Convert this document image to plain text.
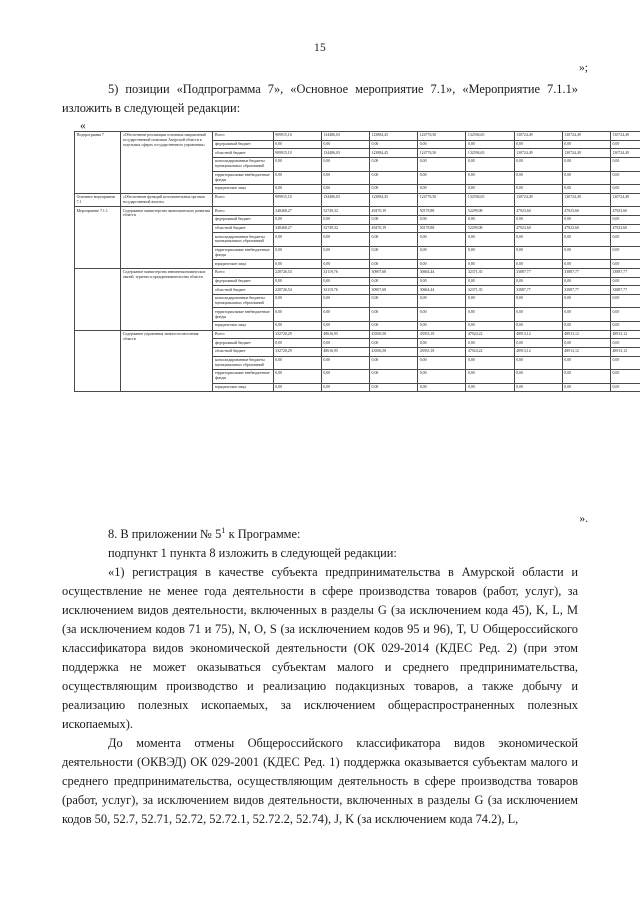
15
»;

5) позиции «Подпрограмма 7», «Основное мероприятие 7.1», «Мероприятие 7.1.1» изложить в следующей редакции:

«
Подпрограмма 7	«Обеспечение реализации основных направлений государственной политики Амурской области в отдельных сферах государственного управления»	Всего	909915,10	134486,03	123884,45	124776,50	132594,65	130724,49	130724,49	130724,49
		федеральный бюджет	0,00	0,00	0,00	0,00	0,00	0,00	0,00	0,00
		областной бюджет	909915,10	134486,03	123884,45	124776,50	132594,65	130724,49	130724,49	130724,49
		консолидированные бюджеты муниципальных образований	0,00	0,00	0,00	0,00	0,00	0,00	0,00	0,00
		территориальные внебюджетные фонды	0,00	0,00	0,00	0,00	0,00	0,00	0,00	0,00
		юридические лица	0,00	0,00	0,00	0,00	0,00	0,00	0,00	0,00
Основное мероприятие 7.1	«Обеспечение функций исполнительных органов государственной власти»	Всего	909915,10	134486,03	123884,45	124776,50	132594,65	130724,49	130724,49	130724,49
Мероприятие 7.1.1	Содержание министерства экономического развития области	Всего	348468,27	52749,32	49470,19	50178,88	52299,08	47923,60	47923,60	47923,60
		федеральный бюджет	0,00	0,00	0,00	0,00	0,00	0,00	0,00	0,00
		областной бюджет	348468,27	52749,32	49470,19	50178,88	52299,08	47923,60	47923,60	47923,60
		консолидированные бюджеты муниципальных образований	0,00	0,00	0,00	0,00	0,00	0,00	0,00	0,00
		территориальные внебюджетные фонды	0,00	0,00	0,00	0,00	0,00	0,00	0,00	0,00
		юридические лица	0,00	0,00	0,00	0,00	0,00	0,00	0,00	0,00
	Содержание министерства внешнеэкономических связей, туризма и предпринимательства области	Всего	228726,54	33119,76	30907,68	30664,44	32371,35	33887,77	33887,77	33887,77
		федеральный бюджет	0,00	0,00	0,00	0,00	0,00	0,00	0,00	0,00
		областной бюджет	228726,54	33119,76	30907,68	30664,44	32371,35	33887,77	33887,77	33887,77
		консолидированные бюджеты муниципальных образований	0,00	0,00	0,00	0,00	0,00	0,00	0,00	0,00
		территориальные внебюджетные фонды	0,00	0,00	0,00	0,00	0,00	0,00	0,00	0,00
		юридические лица	0,00	0,00	0,00	0,00	0,00	0,00	0,00	0,00
	Содержание управления занятости населения области	Всего	332720,29	48616,95	43506,58	43933,18	47924,22	48913,12	48913,12	48913,12
		федеральный бюджет	0,00	0,00	0,00	0,00	0,00	0,00	0,00	0,00
		областной бюджет	332720,29	48616,95	43506,58	43933,18	47924,22	48913,12	48913,12	48913,12
		консолидированные бюджеты муниципальных образований	0,00	0,00	0,00	0,00	0,00	0,00	0,00	0,00
		территориальные внебюджетные фонды	0,00	0,00	0,00	0,00	0,00	0,00	0,00	0,00
		юридические лица	0,00	0,00	0,00	0,00	0,00	0,00	0,00	0,00
».

8. В приложении № $5^1$ к Программе:

подпункт 1 пункта 8 изложить в следующей редакции:

«1) регистрация в качестве субъекта предпринимательства в Амурской области и осуществление не менее года деятельности в сфере производства товаров (работ, услуг), за исключением видов деятельности, включенных в разделы G (за исключением кода 45), K, L, M (за исключением кодов 71 и 75), N, O, S (за исключением кодов 95 и 96), T, U Общероссийского классификатора видов экономической деятельности (ОК 029-2014 (КДЕС Ред. 2) (при этом поддержка не может оказываться субъектам малого и среднего предпринимательства, осуществляющим производство и реализацию подакцизных товаров, а также добычу и реализацию полезных ископаемых, за исключением общераспространенных полезных ископаемых).

До момента отмены Общероссийского классификатора видов экономической деятельности (ОКВЭД) ОК 029-2001 (КДЕС Ред. 1) поддержка оказывается субъектам малого и среднего предпринимательства, осуществляющим деятельность в сфере производства товаров (работ, услуг), за исключением видов деятельности, включенных в разделы G (за исключением кодов 50, 52.7, 52.71, 52.72, 52.72.1, 52.72.2, 52.74), J, K (за исключением кода 74.2), L,
